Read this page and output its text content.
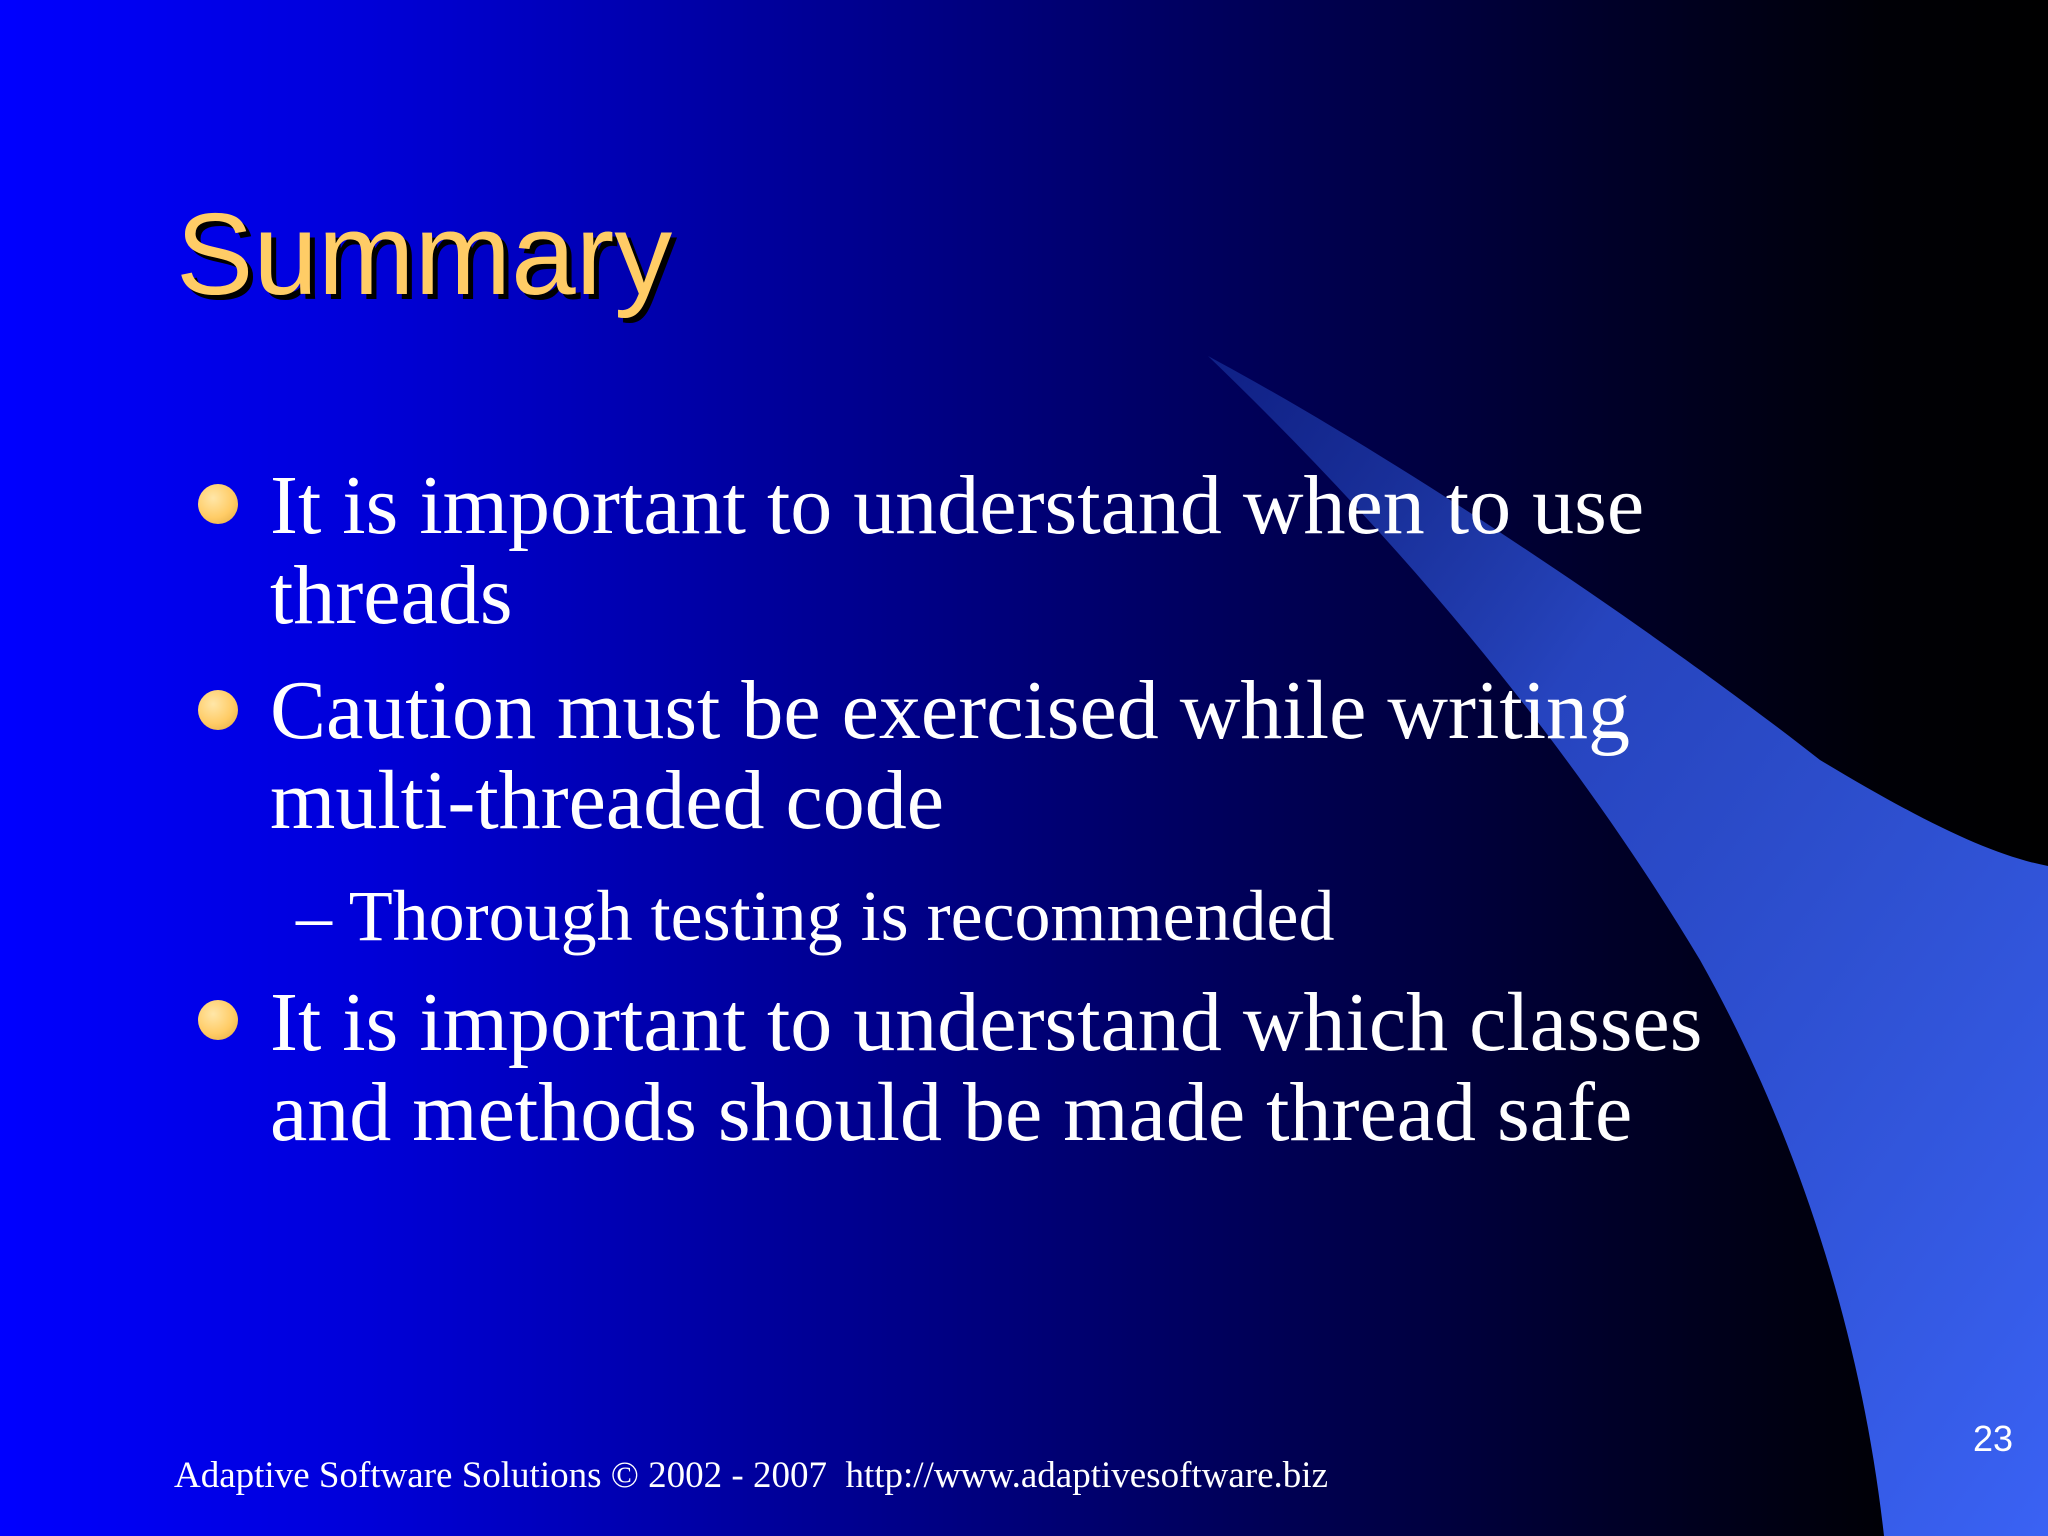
Summary
It is important to understand when to use
threads
Caution must be exercised while writing
multi-threaded code
– Thorough testing is recommended
It is important to understand which classes
and methods should be made thread safe
23
Adaptive Software Solutions © 2002 - 2007  http://www.adaptivesoftware.biz
